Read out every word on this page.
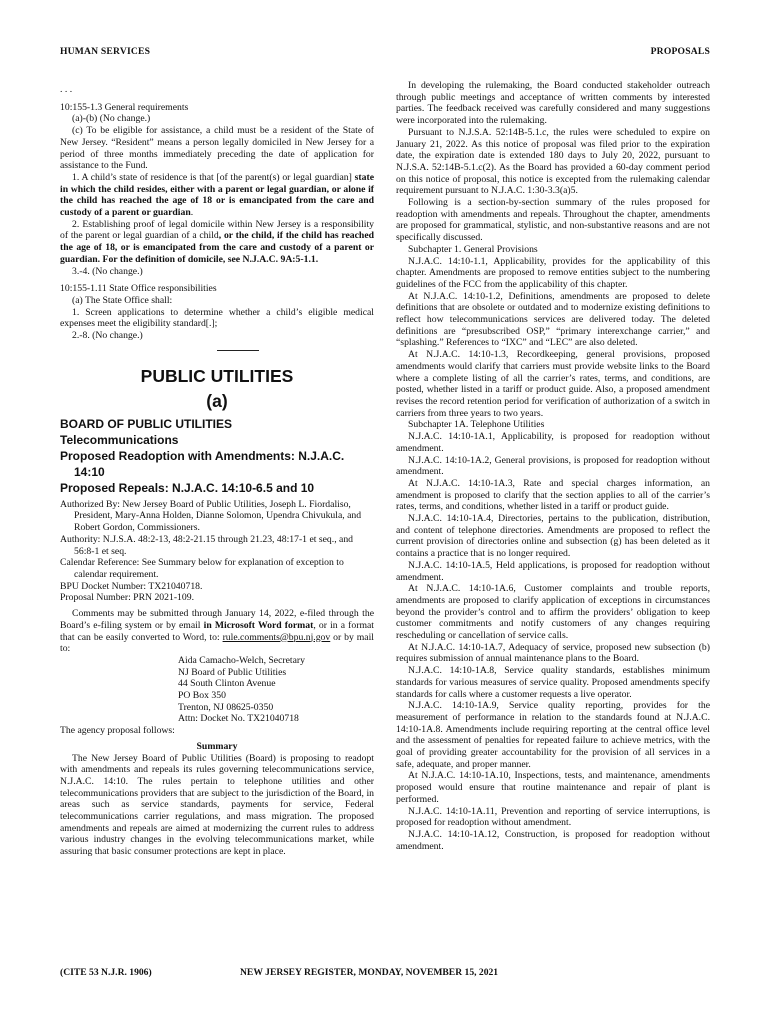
HUMAN SERVICES	PROPOSALS

. . .

10:155-1.3 General requirements

(a)-(b) (No change.)

(c) To be eligible for assistance, a child must be a resident of the State of New Jersey. “Resident” means a person legally domiciled in New Jersey for a period of three months immediately preceding the date of application for assistance to the Fund.

1. A child’s state of residence is that [of the parent(s) or legal guardian] state in which the child resides, either with a parent or legal guardian, or alone if the child has reached the age of 18 or is emancipated from the care and custody of a parent or guardian.

2. Establishing proof of legal domicile within New Jersey is a responsibility of the parent or legal guardian of a child, or the child, if the child has reached the age of 18, or is emancipated from the care and custody of a parent or guardian. For the definition of domicile, see N.J.A.C. 9A:5-1.1.

3.-4. (No change.)

10:155-1.11 State Office responsibilities

(a) The State Office shall:

1. Screen applications to determine whether a child’s eligible medical expenses meet the eligibility standard[.];

2.-8. (No change.)

PUBLIC UTILITIES
(a)
BOARD OF PUBLIC UTILITIES
Telecommunications
Proposed Readoption with Amendments: N.J.A.C. 14:10
Proposed Repeals: N.J.A.C. 14:10-6.5 and 10

Authorized By: New Jersey Board of Public Utilities, Joseph L. Fiordaliso, President, Mary-Anna Holden, Dianne Solomon, Upendra Chivukula, and Robert Gordon, Commissioners.

Authority: N.J.S.A. 48:2-13, 48:2-21.15 through 21.23, 48:17-1 et seq., and 56:8-1 et seq.

Calendar Reference: See Summary below for explanation of exception to calendar requirement.

BPU Docket Number: TX21040718.

Proposal Number: PRN 2021-109.

Comments may be submitted through January 14, 2022, e-filed through the Board’s e-filing system or by email in Microsoft Word format, or in a format that can be easily converted to Word, to: rule.comments@bpu.nj.gov or by mail to:

Aida Camacho-Welch, Secretary
NJ Board of Public Utilities
44 South Clinton Avenue
PO Box 350
Trenton, NJ 08625-0350
Attn: Docket No. TX21040718

The agency proposal follows:

Summary

The New Jersey Board of Public Utilities (Board) is proposing to readopt with amendments and repeals its rules governing telecommunications service, N.J.A.C. 14:10. The rules pertain to telephone utilities and other telecommunications providers that are subject to the jurisdiction of the Board, in areas such as service standards, payments for service, Federal telecommunications carrier regulations, and mass migration. The proposed amendments and repeals are aimed at modernizing the current rules to address various industry changes in the evolving telecommunications market, while assuring that basic consumer protections are kept in place.

In developing the rulemaking, the Board conducted stakeholder outreach through public meetings and acceptance of written comments by interested parties. The feedback received was carefully considered and many suggestions were incorporated into the rulemaking.

Pursuant to N.J.S.A. 52:14B-5.1.c, the rules were scheduled to expire on January 21, 2022. As this notice of proposal was filed prior to the expiration date, the expiration date is extended 180 days to July 20, 2022, pursuant to N.J.S.A. 52:14B-5.1.c(2). As the Board has provided a 60-day comment period on this notice of proposal, this notice is excepted from the rulemaking calendar requirement pursuant to N.J.A.C. 1:30-3.3(a)5.

Following is a section-by-section summary of the rules proposed for readoption with amendments and repeals. Throughout the chapter, amendments are proposed for grammatical, stylistic, and non-substantive reasons and are not specifically discussed.

Subchapter 1. General Provisions

N.J.A.C. 14:10-1.1, Applicability, provides for the applicability of this chapter. Amendments are proposed to remove entities subject to the numbering guidelines of the FCC from the applicability of this chapter.

At N.J.A.C. 14:10-1.2, Definitions, amendments are proposed to delete definitions that are obsolete or outdated and to modernize existing definitions to reflect how telecommunications services are delivered today. The deleted definitions are “presubscribed OSP,” “primary interexchange carrier,” and “splashing.” References to “IXC” and “LEC” are also deleted.

At N.J.A.C. 14:10-1.3, Recordkeeping, general provisions, proposed amendments would clarify that carriers must provide website links to the Board where a complete listing of all the carrier’s rates, terms, and conditions, are posted, whether listed in a tariff or product guide. Also, a proposed amendment revises the record retention period for verification of authorization of a switch in carriers from three years to two years.

Subchapter 1A. Telephone Utilities

N.J.A.C. 14:10-1A.1, Applicability, is proposed for readoption without amendment.

N.J.A.C. 14:10-1A.2, General provisions, is proposed for readoption without amendment.

At N.J.A.C. 14:10-1A.3, Rate and special charges information, an amendment is proposed to clarify that the section applies to all of the carrier’s rates, terms, and conditions, whether listed in a tariff or product guide.

N.J.A.C. 14:10-1A.4, Directories, pertains to the publication, distribution, and content of telephone directories. Amendments are proposed to reflect the current provision of directories online and subsection (g) has been deleted as it contains a practice that is no longer required.

N.J.A.C. 14:10-1A.5, Held applications, is proposed for readoption without amendment.

At N.J.A.C. 14:10-1A.6, Customer complaints and trouble reports, amendments are proposed to clarify application of exceptions in circumstances beyond the provider’s control and to affirm the providers’ obligation to keep customer commitments and notify customers of any changes requiring rescheduling or cancellation of service calls.

At N.J.A.C. 14:10-1A.7, Adequacy of service, proposed new subsection (b) requires submission of annual maintenance plans to the Board.

N.J.A.C. 14:10-1A.8, Service quality standards, establishes minimum standards for various measures of service quality. Proposed amendments specify standards for calls where a customer requests a live operator.

N.J.A.C. 14:10-1A.9, Service quality reporting, provides for the measurement of performance in relation to the standards found at N.J.A.C. 14:10-1A.8. Amendments include requiring reporting at the central office level and the assessment of penalties for repeated failure to achieve metrics, with the goal of providing greater accountability for the provision of all services in a safe, adequate, and proper manner.

At N.J.A.C. 14:10-1A.10, Inspections, tests, and maintenance, amendments proposed would ensure that routine maintenance and repair of plant is performed.

N.J.A.C. 14:10-1A.11, Prevention and reporting of service interruptions, is proposed for readoption without amendment.

N.J.A.C. 14:10-1A.12, Construction, is proposed for readoption without amendment.

(CITE 53 N.J.R. 1906)	NEW JERSEY REGISTER, MONDAY, NOVEMBER 15, 2021
